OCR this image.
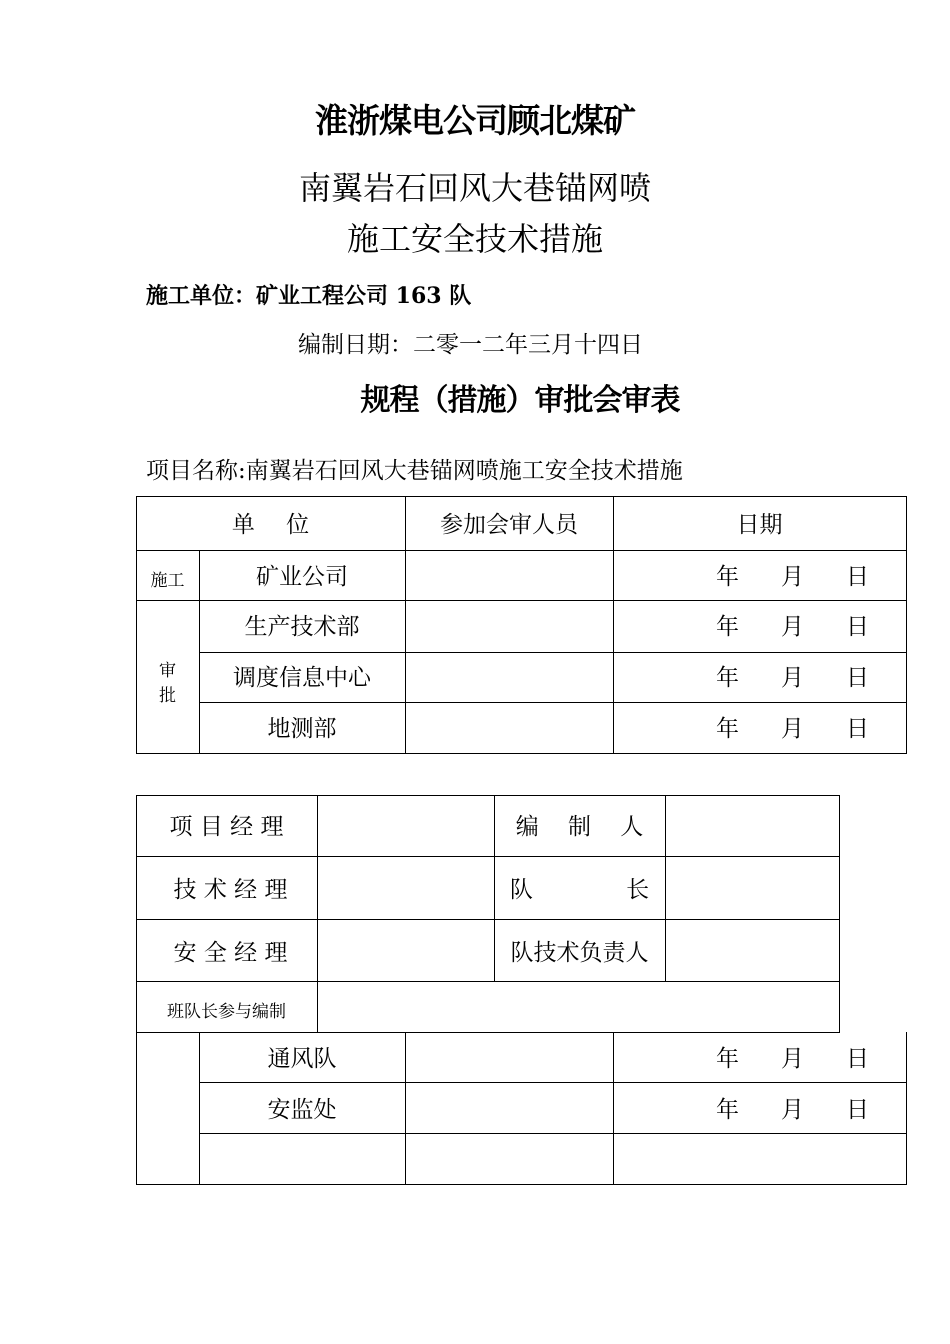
淮浙煤电公司顾北煤矿
南翼岩石回风大巷锚网喷
施工安全技术措施
施工单位：矿业工程公司 163 队
编制日期：二零一二年三月十四日
规程（措施）审批会审表
项目名称:南翼岩石回风大巷锚网喷施工安全技术措施
单 位	参加会审人员	日期
施工
审
批
矿业公司
生产技术部
调度信息中心
地测部
年 月 日
年 月 日
年 月 日
年 月 日
通风队
安监处
年 月 日
年 月 日
项 目 经 理
技 术 经 理
安 全 经 理
班队长参与编制
编 制 人
队 长
队技术负责人
